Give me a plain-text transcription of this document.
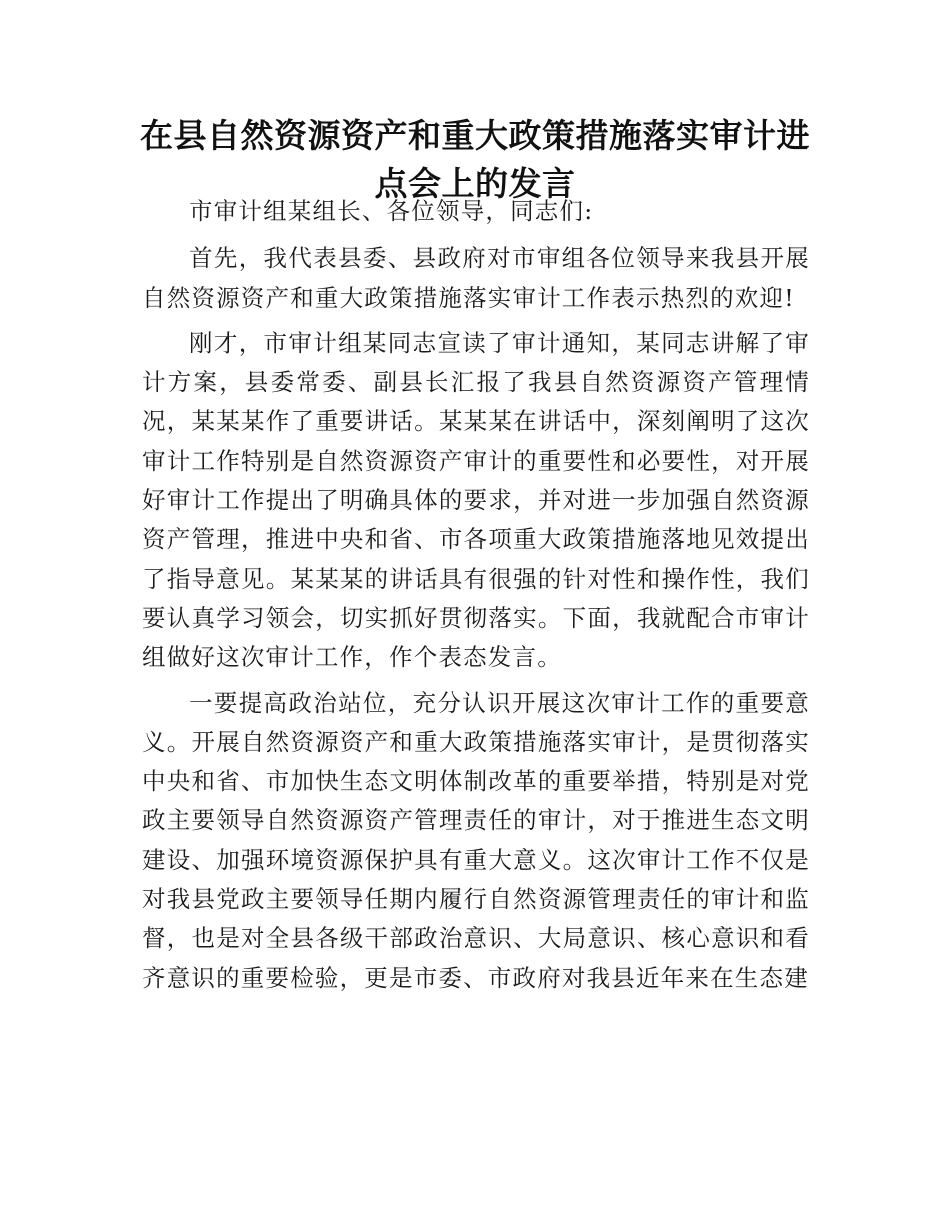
在县自然资源资产和重大政策措施落实审计进点会上的发言

市审计组某组长、各位领导，同志们:

首先，我代表县委、县政府对市审组各位领导来我县开展自然资源资产和重大政策措施落实审计工作表示热烈的欢迎!

刚才，市审计组某同志宣读了审计通知，某同志讲解了审计方案，县委常委、副县长汇报了我县自然资源资产管理情况，某某某作了重要讲话。某某某在讲话中，深刻阐明了这次审计工作特别是自然资源资产审计的重要性和必要性，对开展好审计工作提出了明确具体的要求，并对进一步加强自然资源资产管理，推进中央和省、市各项重大政策措施落地见效提出了指导意见。某某某的讲话具有很强的针对性和操作性，我们要认真学习领会，切实抓好贯彻落实。下面，我就配合市审计组做好这次审计工作，作个表态发言。

一要提高政治站位，充分认识开展这次审计工作的重要意义。开展自然资源资产和重大政策措施落实审计，是贯彻落实中央和省、市加快生态文明体制改革的重要举措，特别是对党政主要领导自然资源资产管理责任的审计，对于推进生态文明建设、加强环境资源保护具有重大意义。这次审计工作不仅是对我县党政主要领导任期内履行自然资源管理责任的审计和监督，也是对全县各级干部政治意识、大局意识、核心意识和看齐意识的重要检验，更是市委、市政府对我县近年来在生态建
